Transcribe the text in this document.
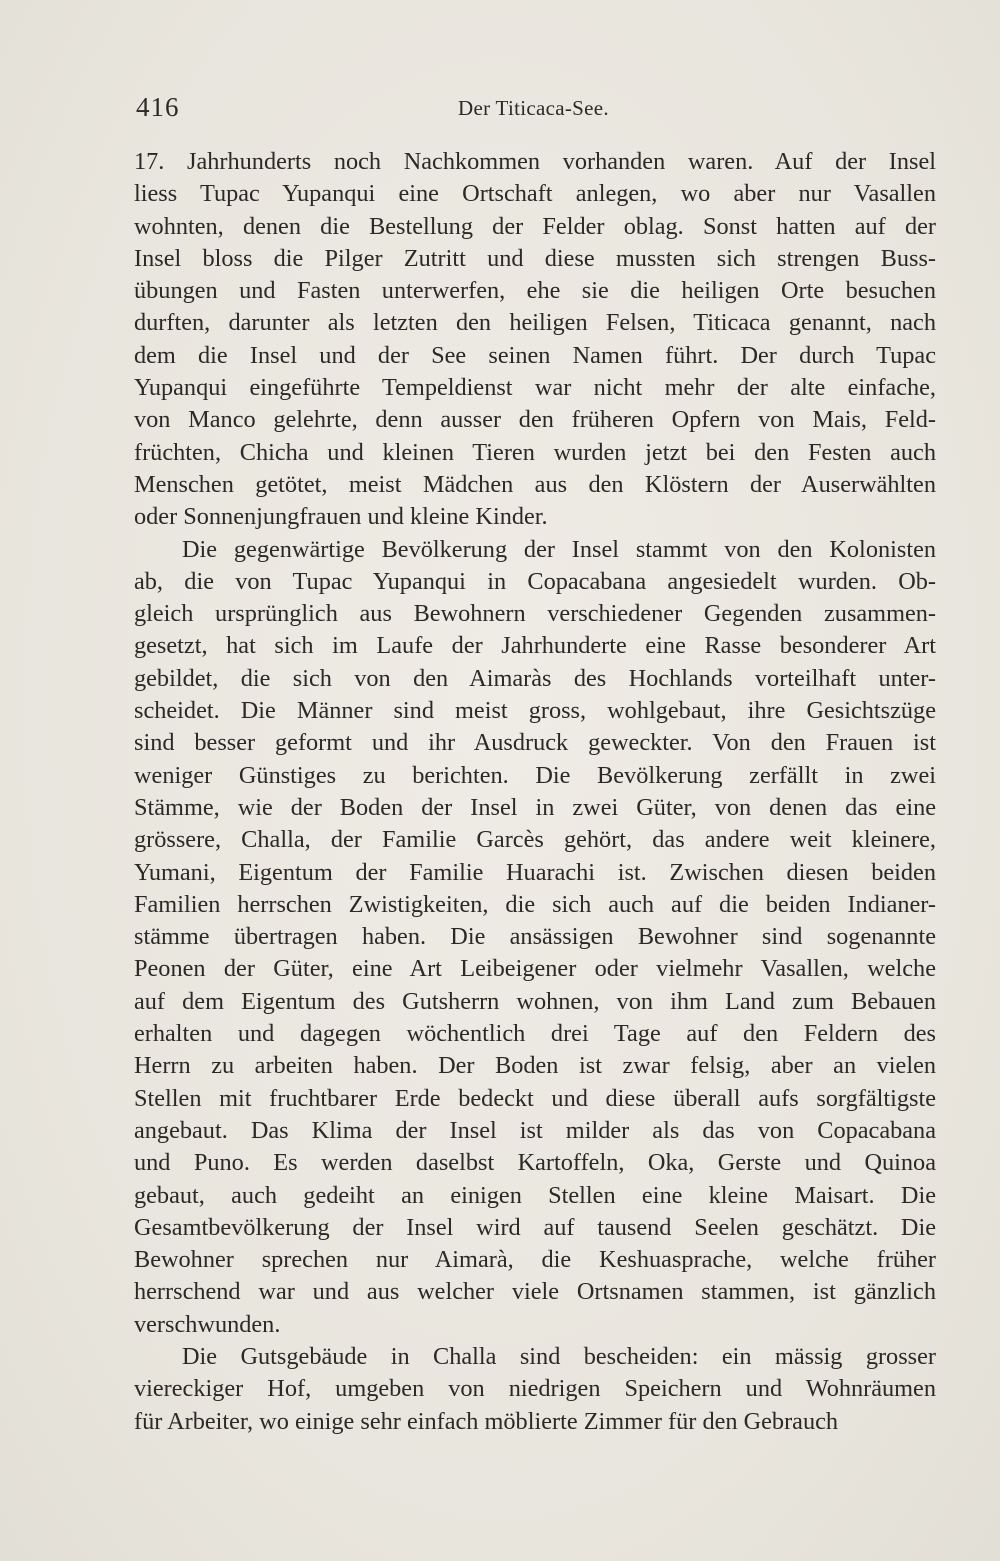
416	Der Titicaca-See.

17. Jahrhunderts noch Nachkommen vorhanden waren. Auf der Insel
liess Tupac Yupanqui eine Ortschaft anlegen, wo aber nur Vasallen
wohnten, denen die Bestellung der Felder oblag. Sonst hatten auf der
Insel bloss die Pilger Zutritt und diese mussten sich strengen Buss-
übungen und Fasten unterwerfen, ehe sie die heiligen Orte besuchen
durften, darunter als letzten den heiligen Felsen, Titicaca genannt, nach
dem die Insel und der See seinen Namen führt. Der durch Tupac
Yupanqui eingeführte Tempeldienst war nicht mehr der alte einfache,
von Manco gelehrte, denn ausser den früheren Opfern von Mais, Feld-
früchten, Chicha und kleinen Tieren wurden jetzt bei den Festen auch
Menschen getötet, meist Mädchen aus den Klöstern der Auserwählten
oder Sonnenjungfrauen und kleine Kinder.

Die gegenwärtige Bevölkerung der Insel stammt von den Kolonisten
ab, die von Tupac Yupanqui in Copacabana angesiedelt wurden. Ob-
gleich ursprünglich aus Bewohnern verschiedener Gegenden zusammen-
gesetzt, hat sich im Laufe der Jahrhunderte eine Rasse besonderer Art
gebildet, die sich von den Aimaràs des Hochlands vorteilhaft unter-
scheidet. Die Männer sind meist gross, wohlgebaut, ihre Gesichtszüge
sind besser geformt und ihr Ausdruck geweckter. Von den Frauen ist
weniger Günstiges zu berichten. Die Bevölkerung zerfällt in zwei
Stämme, wie der Boden der Insel in zwei Güter, von denen das eine
grössere, Challa, der Familie Garcès gehört, das andere weit kleinere,
Yumani, Eigentum der Familie Huarachi ist. Zwischen diesen beiden
Familien herrschen Zwistigkeiten, die sich auch auf die beiden Indianer-
stämme übertragen haben. Die ansässigen Bewohner sind sogenannte
Peonen der Güter, eine Art Leibeigener oder vielmehr Vasallen, welche
auf dem Eigentum des Gutsherrn wohnen, von ihm Land zum Bebauen
erhalten und dagegen wöchentlich drei Tage auf den Feldern des
Herrn zu arbeiten haben. Der Boden ist zwar felsig, aber an vielen
Stellen mit fruchtbarer Erde bedeckt und diese überall aufs sorgfältigste
angebaut. Das Klima der Insel ist milder als das von Copacabana
und Puno. Es werden daselbst Kartoffeln, Oka, Gerste und Quinoa
gebaut, auch gedeiht an einigen Stellen eine kleine Maisart. Die
Gesamtbevölkerung der Insel wird auf tausend Seelen geschätzt. Die
Bewohner sprechen nur Aimarà, die Keshuasprache, welche früher
herrschend war und aus welcher viele Ortsnamen stammen, ist gänzlich
verschwunden.

Die Gutsgebäude in Challa sind bescheiden: ein mässig grosser
viereckiger Hof, umgeben von niedrigen Speichern und Wohnräumen
für Arbeiter, wo einige sehr einfach möblierte Zimmer für den Gebrauch
